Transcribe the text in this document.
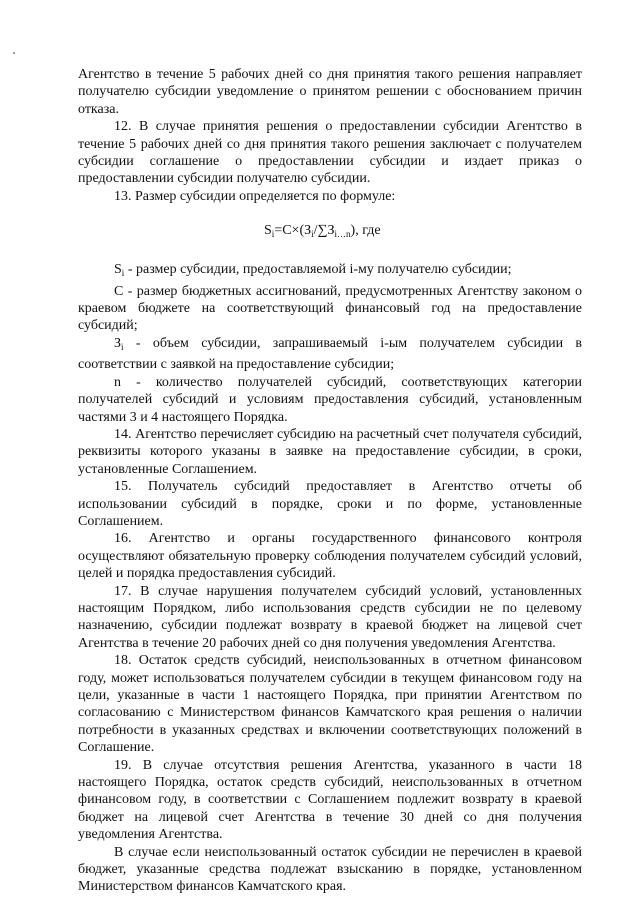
Агентство в течение 5 рабочих дней со дня принятия такого решения направляет получателю субсидии уведомление о принятом решении с обоснованием причин отказа.

12. В случае принятия решения о предоставлении субсидии Агентство в течение 5 рабочих дней со дня принятия такого решения заключает с получателем субсидии соглашение о предоставлении субсидии и издает приказ о предоставлении субсидии получателю субсидии.

13. Размер субсидии определяется по формуле:

$S_i=C\times(З_i/\sum З_{i\dots n})$, где

$S_i$ - размер субсидии, предоставляемой i-му получателю субсидии;

С - размер бюджетных ассигнований, предусмотренных Агентству законом о краевом бюджете на соответствующий финансовый год на предоставление субсидий;

$З_i$ - объем субсидии, запрашиваемый i-ым получателем субсидии в соответствии с заявкой на предоставление субсидии;

n - количество получателей субсидий, соответствующих категории получателей субсидий и условиям предоставления субсидий, установленным частями 3 и 4 настоящего Порядка.

14. Агентство перечисляет субсидию на расчетный счет получателя субсидий, реквизиты которого указаны в заявке на предоставление субсидии, в сроки, установленные Соглашением.

15. Получатель субсидий предоставляет в Агентство отчеты об использовании субсидий в порядке, сроки и по форме, установленные Соглашением.

16. Агентство и органы государственного финансового контроля осуществляют обязательную проверку соблюдения получателем субсидий условий, целей и порядка предоставления субсидий.

17. В случае нарушения получателем субсидий условий, установленных настоящим Порядком, либо использования средств субсидии не по целевому назначению, субсидии подлежат возврату в краевой бюджет на лицевой счет Агентства в течение 20 рабочих дней со дня получения уведомления Агентства.

18. Остаток средств субсидий, неиспользованных в отчетном финансовом году, может использоваться получателем субсидии в текущем финансовом году на цели, указанные в части 1 настоящего Порядка, при принятии Агентством по согласованию с Министерством финансов Камчатского края решения о наличии потребности в указанных средствах и включении соответствующих положений в Соглашение.

19. В случае отсутствия решения Агентства, указанного в части 18 настоящего Порядка, остаток средств субсидий, неиспользованных в отчетном финансовом году, в соответствии с Соглашением подлежит возврату в краевой бюджет на лицевой счет Агентства в течение 30 дней со дня получения уведомления Агентства.

В случае если неиспользованный остаток субсидии не перечислен в краевой бюджет, указанные средства подлежат взысканию в порядке, установленном Министерством финансов Камчатского края.
